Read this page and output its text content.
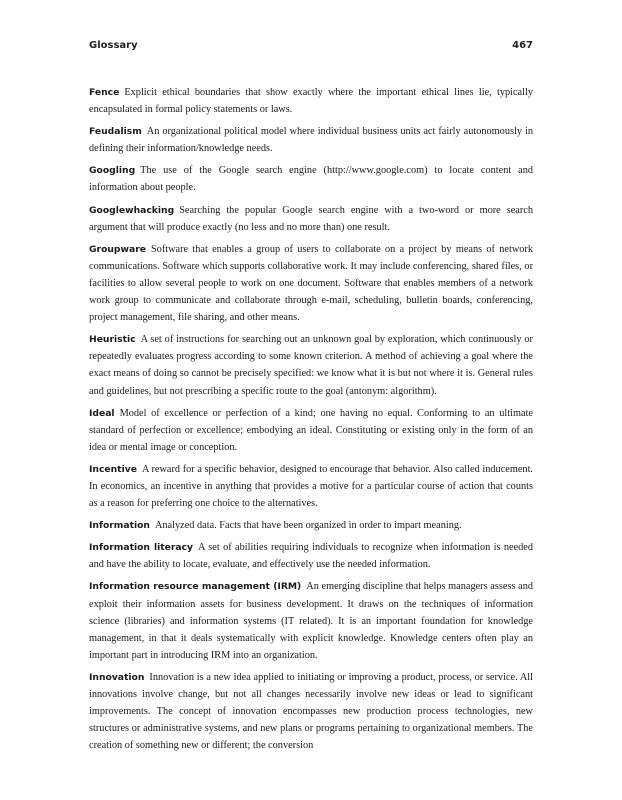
Glossary	467

Fence Explicit ethical boundaries that show exactly where the important ethical lines lie, typically encapsulated in formal policy statements or laws.

Feudalism An organizational political model where individual business units act fairly autonomously in defining their information/knowledge needs.

Googling The use of the Google search engine (http://www.google.com) to locate content and information about people.

Googlewhacking Searching the popular Google search engine with a two-word or more search argument that will produce exactly (no less and no more than) one result.

Groupware Software that enables a group of users to collaborate on a project by means of network communications. Software which supports collaborative work. It may include conferencing, shared files, or facilities to allow several people to work on one document. Software that enables members of a network work group to communicate and collaborate through e-mail, scheduling, bulletin boards, conferencing, project management, file sharing, and other means.

Heuristic A set of instructions for searching out an unknown goal by exploration, which continuously or repeatedly evaluates progress according to some known criterion. A method of achieving a goal where the exact means of doing so cannot be precisely specified: we know what it is but not where it is. General rules and guidelines, but not prescribing a specific route to the goal (antonym: algorithm).

Ideal Model of excellence or perfection of a kind; one having no equal. Conforming to an ultimate standard of perfection or excellence; embodying an ideal. Constituting or existing only in the form of an idea or mental image or conception.

Incentive A reward for a specific behavior, designed to encourage that behavior. Also called inducement. In economics, an incentive in anything that provides a motive for a particular course of action that counts as a reason for preferring one choice to the alternatives.

Information Analyzed data. Facts that have been organized in order to impart meaning.

Information literacy A set of abilities requiring individuals to recognize when information is needed and have the ability to locate, evaluate, and effectively use the needed information.

Information resource management (IRM) An emerging discipline that helps managers assess and exploit their information assets for business development. It draws on the techniques of information science (libraries) and information systems (IT related). It is an important foundation for knowledge management, in that it deals systematically with explicit knowledge. Knowledge centers often play an important part in introducing IRM into an organization.

Innovation Innovation is a new idea applied to initiating or improving a product, process, or service. All innovations involve change, but not all changes necessarily involve new ideas or lead to significant improvements. The concept of innovation encompasses new production process technologies, new structures or administrative systems, and new plans or programs pertaining to organizational members. The creation of something new or different; the conversion
